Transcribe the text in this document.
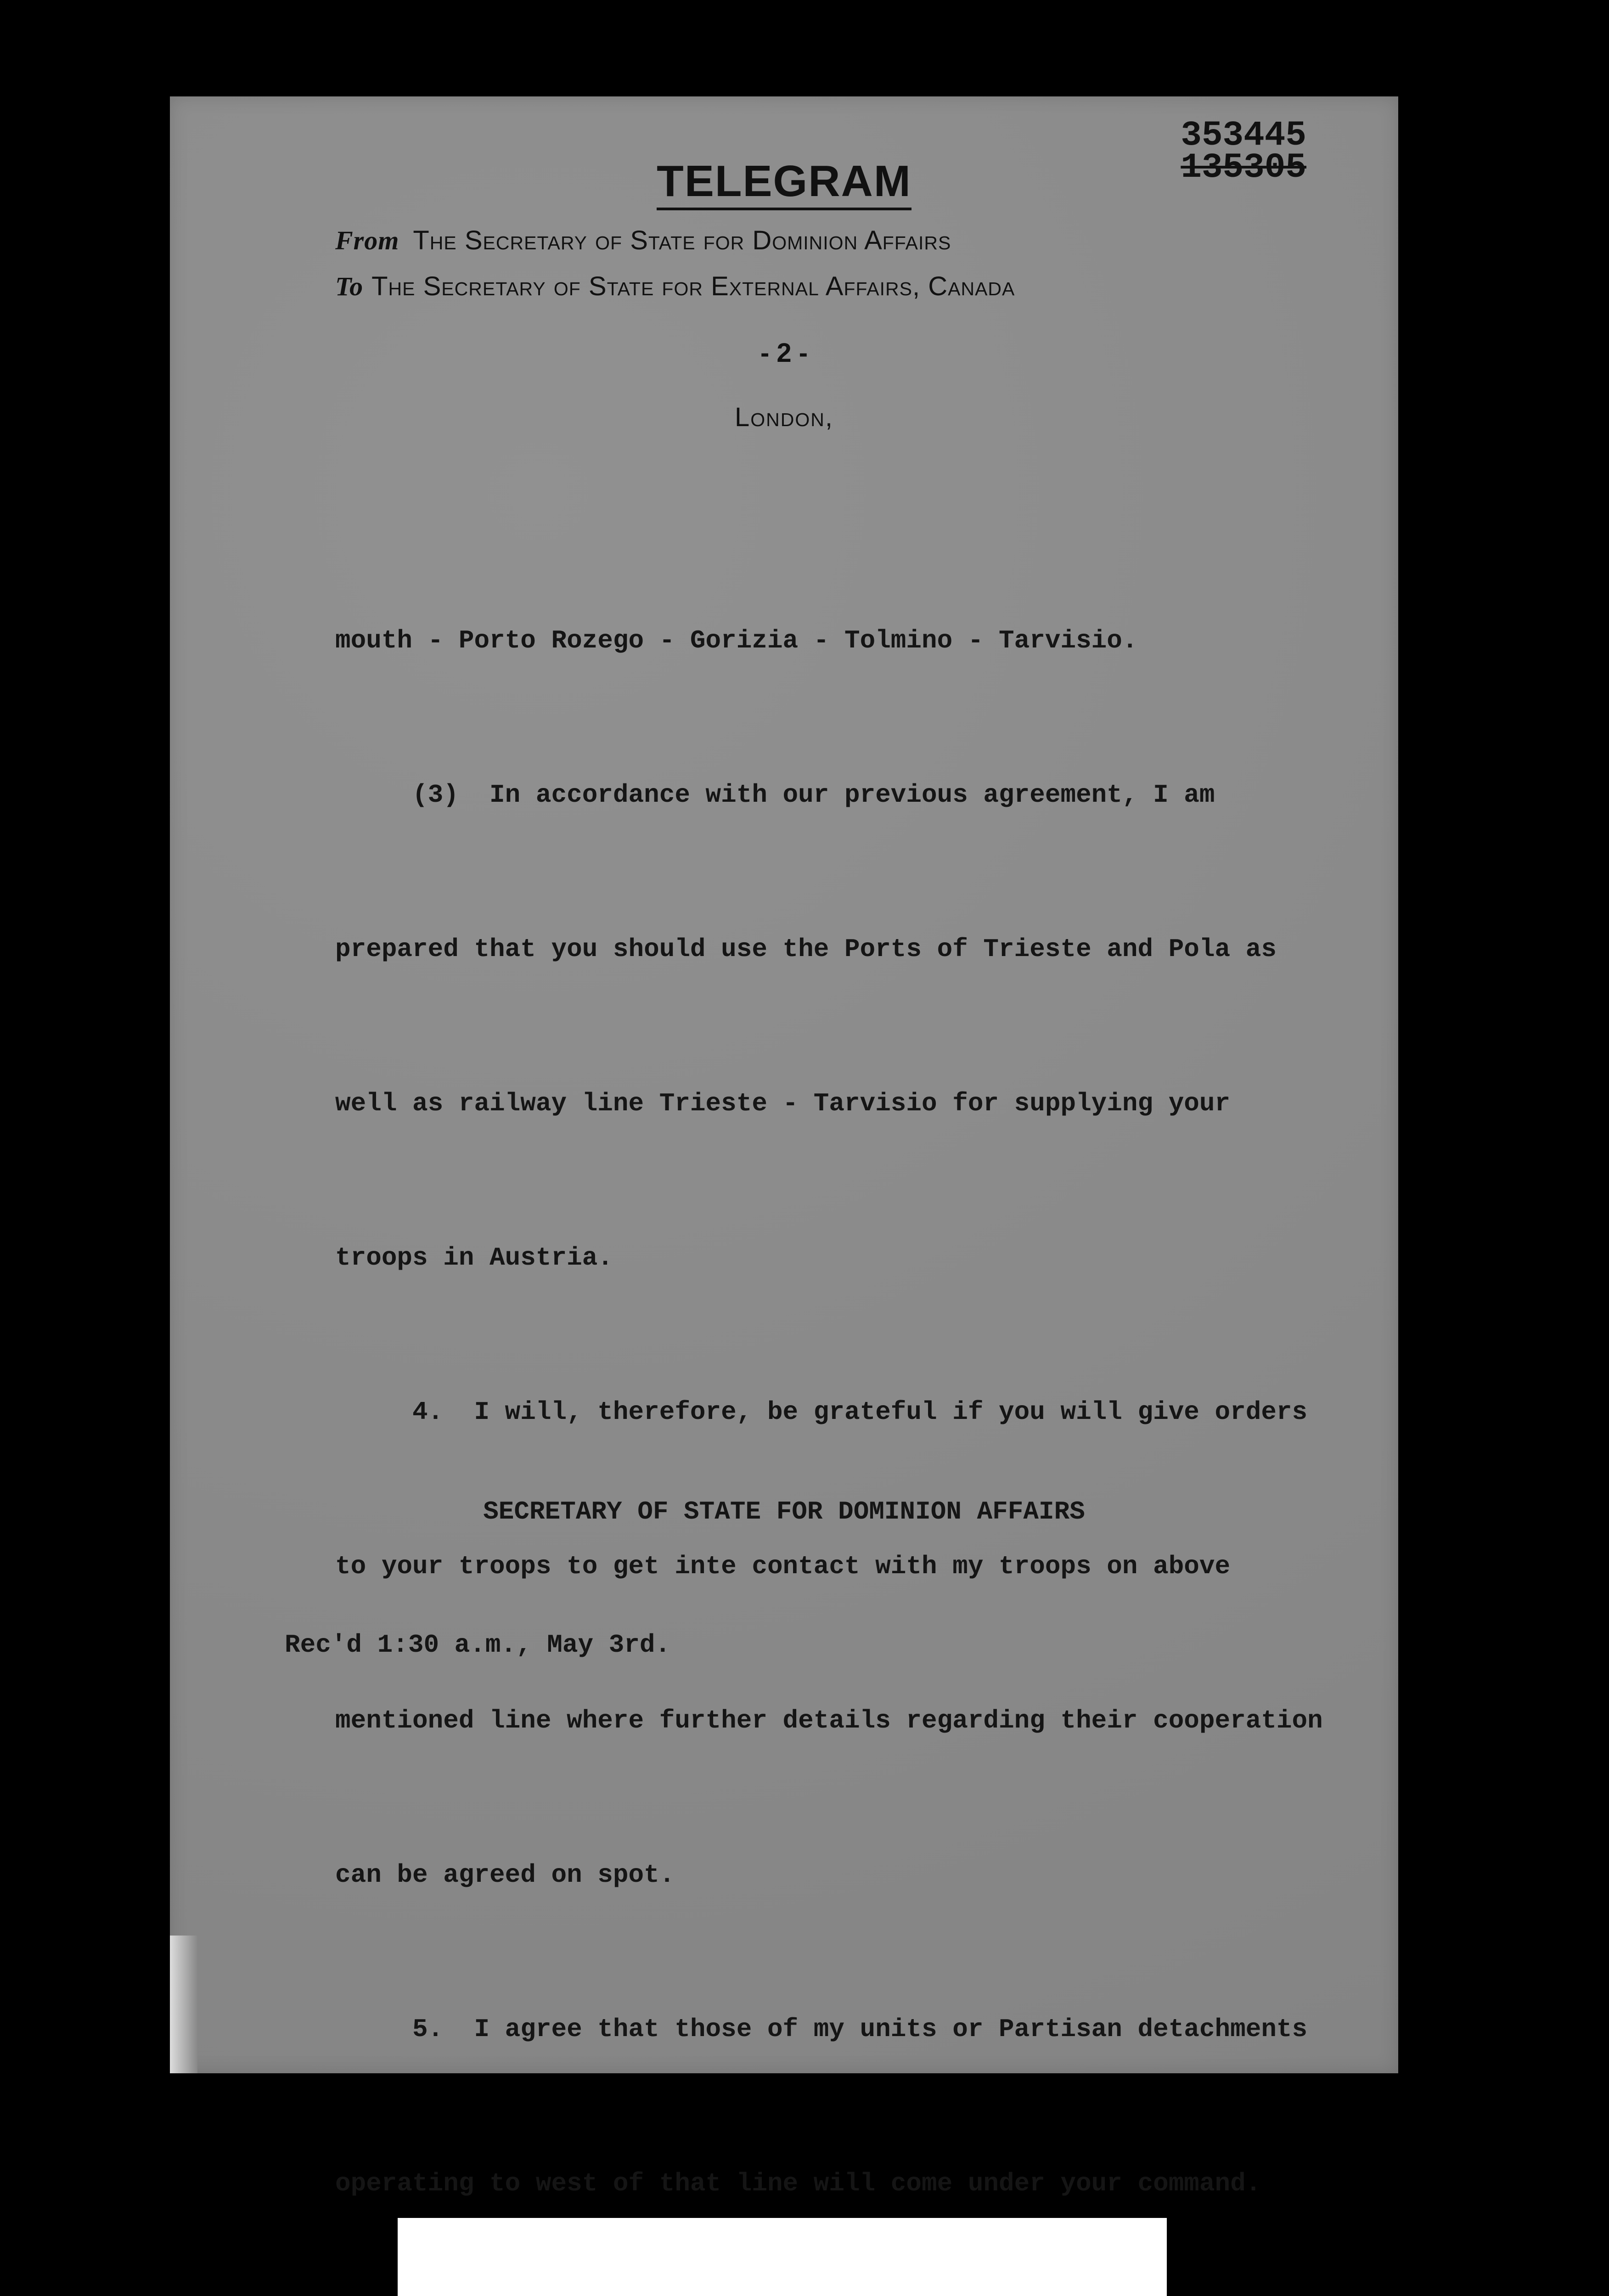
353445
135305
TELEGRAM
From The Secretary of State for Dominion Affairs
To The Secretary of State for External Affairs, Canada
- 2 -
London,

mouth - Porto Rozego - Gorizia - Tolmino - Tarvisio.

(3)  In accordance with our previous agreement, I am

prepared that you should use the Ports of Trieste and Pola as

well as railway line Trieste - Tarvisio for supplying your

troops in Austria.

4.  I will, therefore, be grateful if you will give orders

to your troops to get inte contact with my troops on above

mentioned line where further details regarding their cooperation

can be agreed on spot.

5.  I agree that those of my units or Partisan detachments

operating to west of that line will come under your command.

SECRETARY OF STATE FOR DOMINION AFFAIRS
Rec'd 1:30 a.m., May 3rd.
